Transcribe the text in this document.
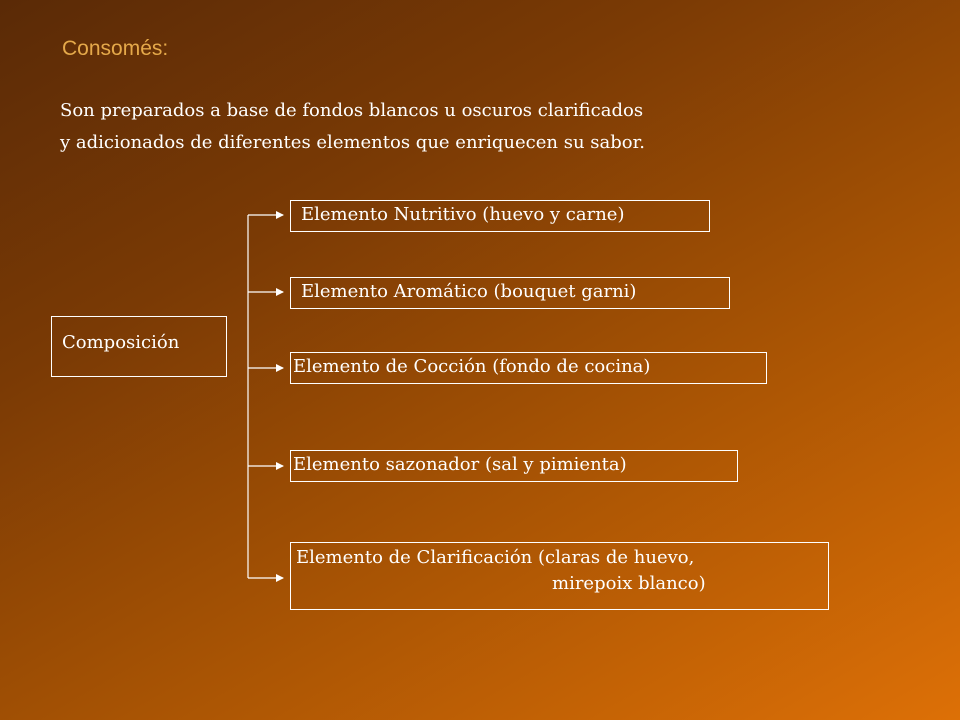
Consomés:
Son preparados a base de fondos blancos u oscuros clarificados
y adicionados de diferentes elementos que enriquecen su sabor.
Composición
Elemento Nutritivo (huevo y carne)
Elemento Aromático (bouquet garni)
Elemento de Cocción (fondo de cocina)
Elemento sazonador (sal y pimienta)
Elemento de Clarificación (claras de huevo,
mirepoix blanco)
